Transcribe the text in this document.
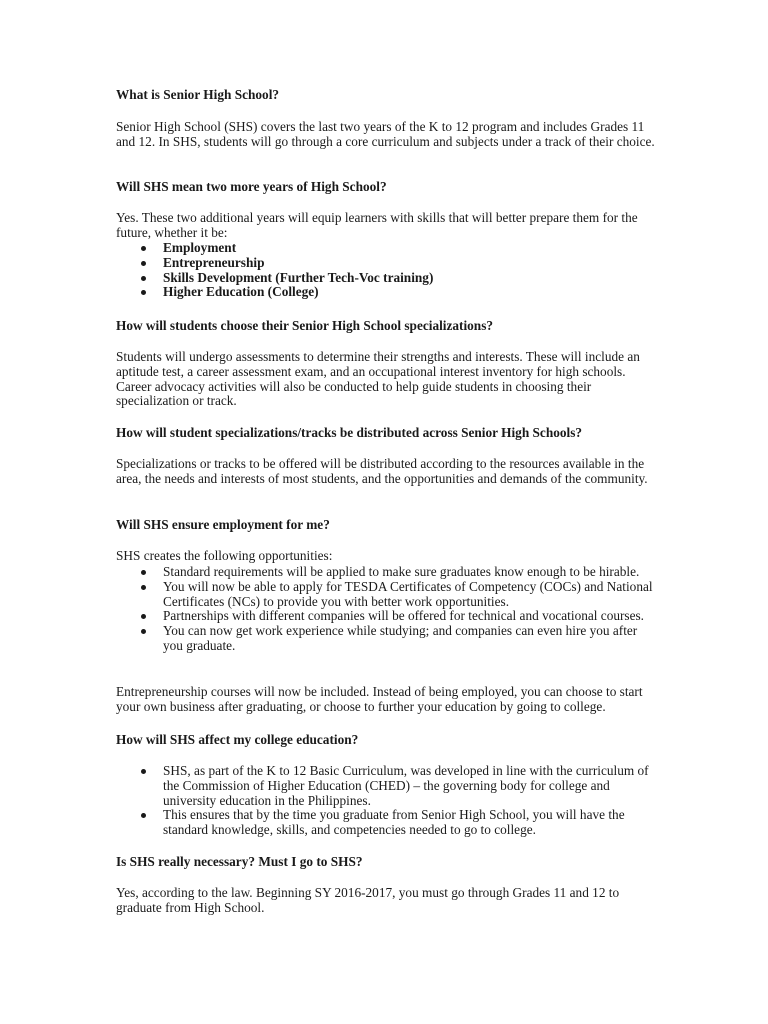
What is Senior High School?
Senior High School (SHS) covers the last two years of the K to 12 program and includes Grades 11 and 12. In SHS, students will go through a core curriculum and subjects under a track of their choice.
Will SHS mean two more years of High School?
Yes. These two additional years will equip learners with skills that will better prepare them for the future, whether it be:
Employment
Entrepreneurship
Skills Development (Further Tech-Voc training)
Higher Education (College)
How will students choose their Senior High School specializations?
Students will undergo assessments to determine their strengths and interests. These will include an aptitude test, a career assessment exam, and an occupational interest inventory for high schools. Career advocacy activities will also be conducted to help guide students in choosing their specialization or track.
How will student specializations/tracks be distributed across Senior High Schools?
Specializations or tracks to be offered will be distributed according to the resources available in the area, the needs and interests of most students, and the opportunities and demands of the community.
Will SHS ensure employment for me?
SHS creates the following opportunities:
Standard requirements will be applied to make sure graduates know enough to be hirable.
You will now be able to apply for TESDA Certificates of Competency (COCs) and National Certificates (NCs) to provide you with better work opportunities.
Partnerships with different companies will be offered for technical and vocational courses.
You can now get work experience while studying; and companies can even hire you after you graduate.
Entrepreneurship courses will now be included. Instead of being employed, you can choose to start your own business after graduating, or choose to further your education by going to college.
How will SHS affect my college education?
SHS, as part of the K to 12 Basic Curriculum, was developed in line with the curriculum of the Commission of Higher Education (CHED) – the governing body for college and university education in the Philippines.
This ensures that by the time you graduate from Senior High School, you will have the standard knowledge, skills, and competencies needed to go to college.
Is SHS really necessary? Must I go to SHS?
Yes, according to the law. Beginning SY 2016-2017, you must go through Grades 11 and 12 to graduate from High School.
